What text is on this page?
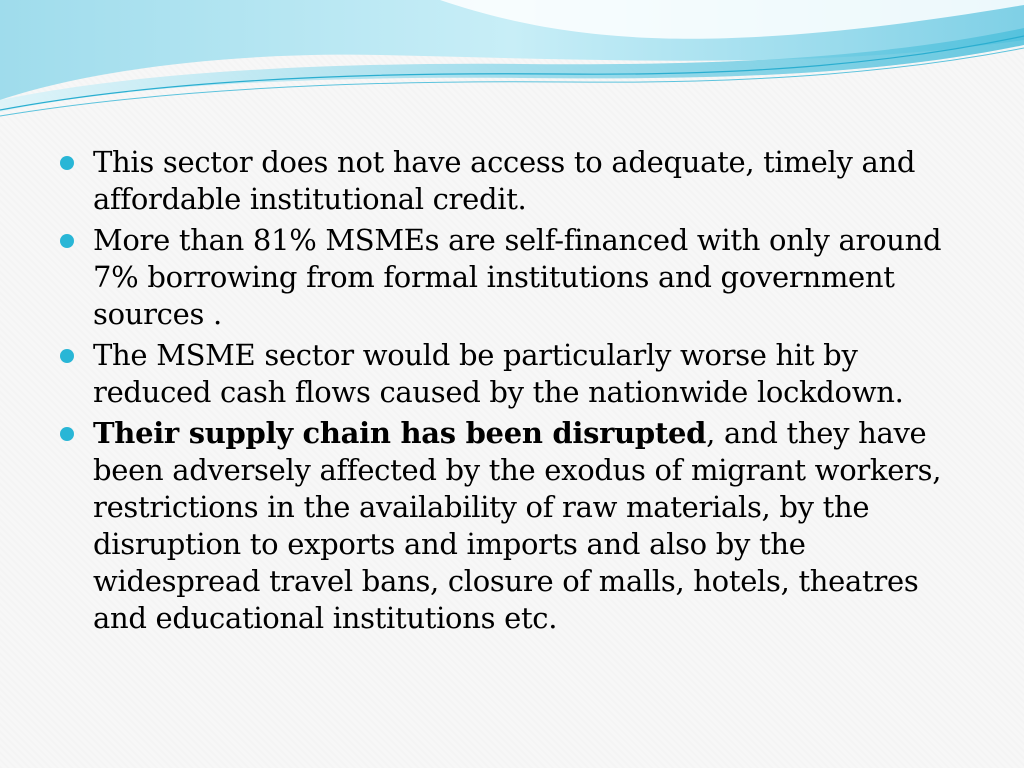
This sector does not have access to adequate, timely and affordable institutional credit.
More than 81% MSMEs are self-financed with only around 7% borrowing from formal institutions and government sources .
The MSME sector would be particularly worse hit by reduced cash flows caused by the nationwide lockdown.
Their supply chain has been disrupted, and they have been adversely affected by the exodus of migrant workers, restrictions in the availability of raw materials, by the disruption to exports and imports and also by the widespread travel bans, closure of malls, hotels, theatres and educational institutions etc.
